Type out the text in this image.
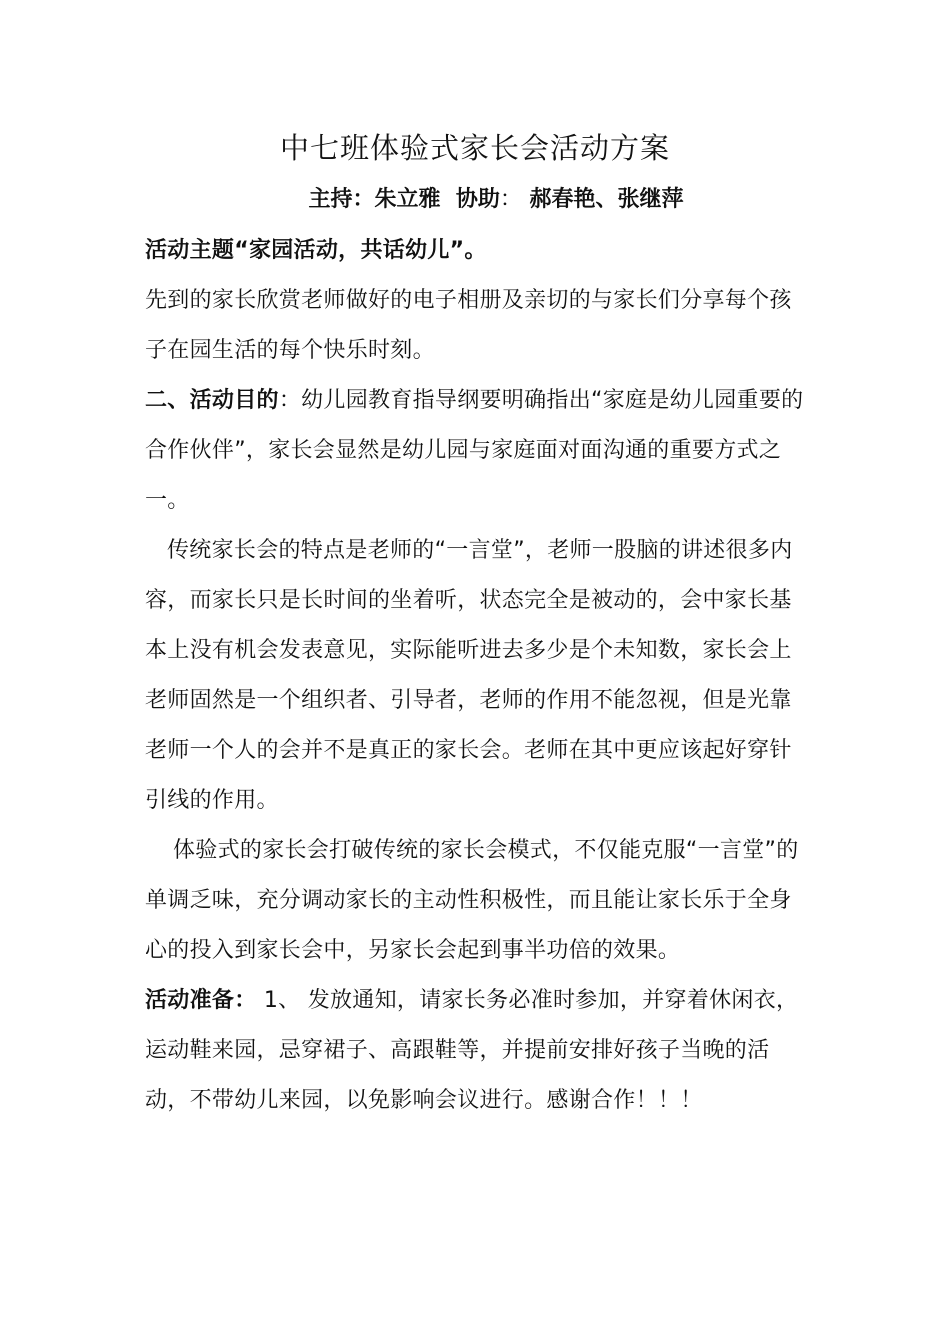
中七班体验式家长会活动方案
主持：朱立雅 协助： 郝春艳、张继萍

活动主题“家园活动，共话幼儿”。

先到的家长欣赏老师做好的电子相册及亲切的与家长们分享每个孩子在园生活的每个快乐时刻。

二、活动目的：幼儿园教育指导纲要明确指出“家庭是幼儿园重要的合作伙伴”，家长会显然是幼儿园与家庭面对面沟通的重要方式之一。

传统家长会的特点是老师的“一言堂”，老师一股脑的讲述很多内容，而家长只是长时间的坐着听，状态完全是被动的，会中家长基本上没有机会发表意见，实际能听进去多少是个未知数，家长会上老师固然是一个组织者、引导者，老师的作用不能忽视，但是光靠老师一个人的会并不是真正的家长会。老师在其中更应该起好穿针引线的作用。

体验式的家长会打破传统的家长会模式，不仅能克服“一言堂”的单调乏味，充分调动家长的主动性积极性，而且能让家长乐于全身心的投入到家长会中，另家长会起到事半功倍的效果。

活动准备： 1、 发放通知，请家长务必准时参加，并穿着休闲衣，运动鞋来园，忌穿裙子、高跟鞋等，并提前安排好孩子当晚的活动，不带幼儿来园，以免影响会议进行。感谢合作！！！
